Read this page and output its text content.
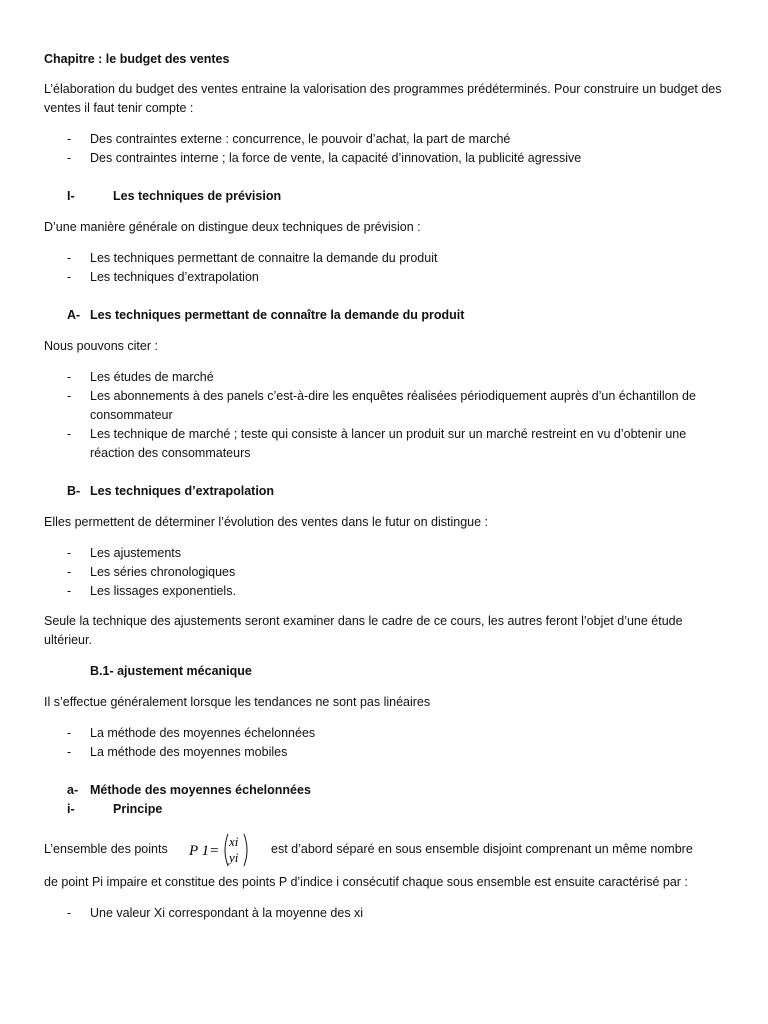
Chapitre : le budget des ventes

L’élaboration du budget des ventes entraine la valorisation des programmes prédéterminés. Pour construire un budget des ventes il faut tenir compte :

- Des contraintes externe : concurrence, le pouvoir d’achat, la part de marché
- Des contraintes interne ; la force de vente, la capacité d’innovation, la publicité agressive
I-	Les techniques de prévision

D’une manière générale on distingue deux techniques de prévision :

- Les techniques permettant de connaitre la demande du produit
- Les techniques d’extrapolation
A- Les techniques permettant de connaître la demande du produit

Nous pouvons citer :

- Les études de marché
- Les abonnements à des panels c’est-à-dire les enquêtes réalisées périodiquement auprès d’un échantillon de consommateur
- Les technique de marché ; teste qui consiste à lancer un produit sur un marché restreint en vu d’obtenir une réaction des consommateurs
B- Les techniques d’extrapolation

Elles permettent de déterminer l’évolution des ventes dans le futur on distingue :

- Les ajustements
- Les séries chronologiques
- Les lissages exponentiels.

Seule la technique des ajustements seront examiner dans le cadre de ce cours, les autres feront l’objet d’une étude ultérieur.

B.1- ajustement mécanique

Il s’effectue généralement lorsque les tendances ne sont pas linéaires

- La méthode des moyennes échelonnées
- La méthode des moyennes mobiles
a- Méthode des moyennes échelonnées
i-	Principe
L’ensemble des points P 1=
xi
yi
est d’abord séparé en sous ensemble disjoint comprenant un même nombre

de point Pi impaire et constitue des points P d’indice i consécutif chaque sous ensemble est ensuite caractérisé par :

- Une valeur Xi correspondant à la moyenne des xi
